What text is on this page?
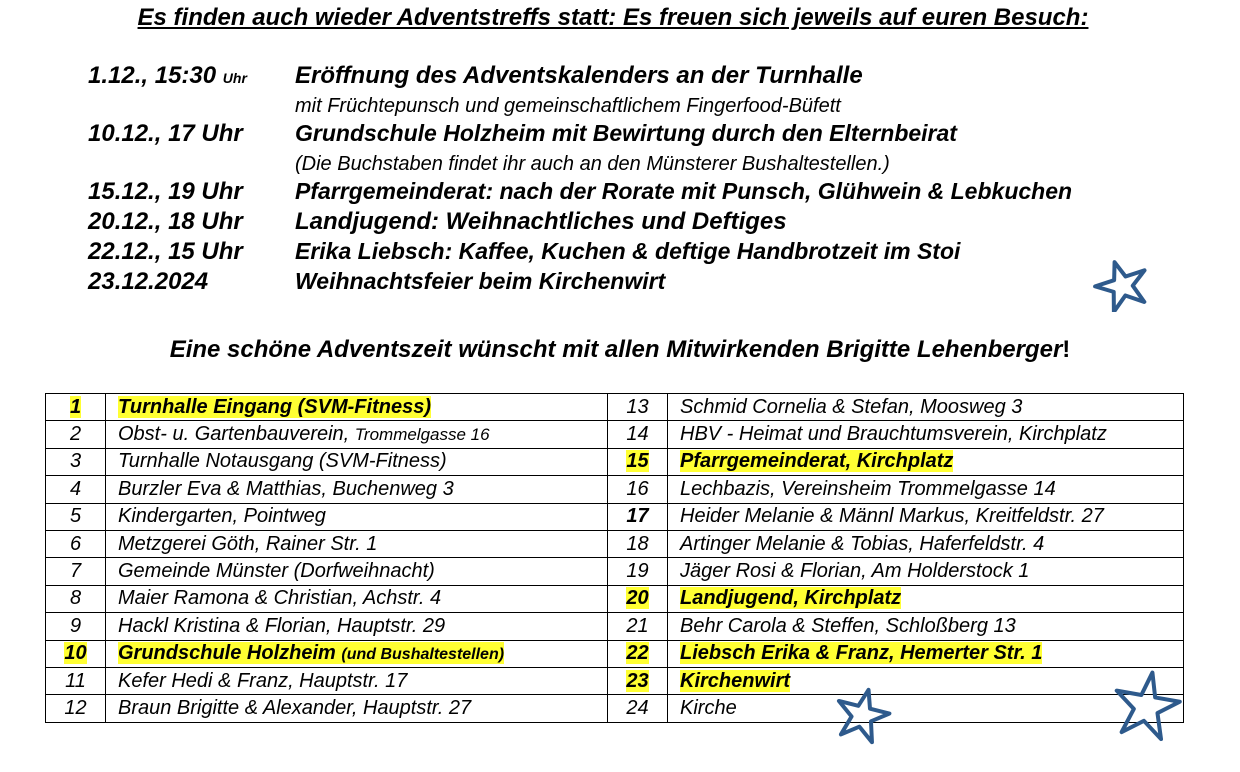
Es finden auch wieder Adventstreffs statt: Es freuen sich jeweils auf euren Besuch:
1.12., 15:30 Uhr Eröffnung des Adventskalenders an der Turnhalle
mit Früchtepunsch und gemeinschaftlichem Fingerfood-Büfett
10.12., 17 Uhr Grundschule Holzheim mit Bewirtung durch den Elternbeirat
(Die Buchstaben findet ihr auch an den Münsterer Bushaltestellen.)
15.12., 19 Uhr Pfarrgemeinderat: nach der Rorate mit Punsch, Glühwein & Lebkuchen
20.12., 18 Uhr Landjugend: Weihnachtliches und Deftiges
22.12., 15 Uhr Erika Liebsch: Kaffee, Kuchen & deftige Handbrotzeit im Stoi
23.12.2024	Weihnachtsfeier beim Kirchenwirt
Eine schöne Adventszeit wünscht mit allen Mitwirkenden Brigitte Lehenberger!
1	Turnhalle Eingang (SVM-Fitness)	13	Schmid Cornelia & Stefan, Moosweg 3
2	Obst- u. Gartenbauverein, Trommelgasse 16	14	HBV - Heimat und Brauchtumsverein, Kirchplatz
3	Turnhalle Notausgang (SVM-Fitness)	15	Pfarrgemeinderat, Kirchplatz
4	Burzler Eva & Matthias, Buchenweg 3	16	Lechbazis, Vereinsheim Trommelgasse 14
5	Kindergarten, Pointweg	17	Heider Melanie & Männl Markus, Kreitfeldstr. 27
6	Metzgerei Göth, Rainer Str. 1	18	Artinger Melanie & Tobias, Haferfeldstr. 4
7	Gemeinde Münster (Dorfweihnacht)	19	Jäger Rosi & Florian, Am Holderstock 1
8	Maier Ramona & Christian, Achstr. 4	20	Landjugend, Kirchplatz
9	Hackl Kristina & Florian, Hauptstr. 29	21	Behr Carola & Steffen, Schloßberg 13
10	Grundschule Holzheim (und Bushaltestellen)	22	Liebsch Erika & Franz, Hemerter Str. 1
11	Kefer Hedi & Franz, Hauptstr. 17	23	Kirchenwirt
12	Braun Brigitte & Alexander, Hauptstr. 27	24	Kirche
